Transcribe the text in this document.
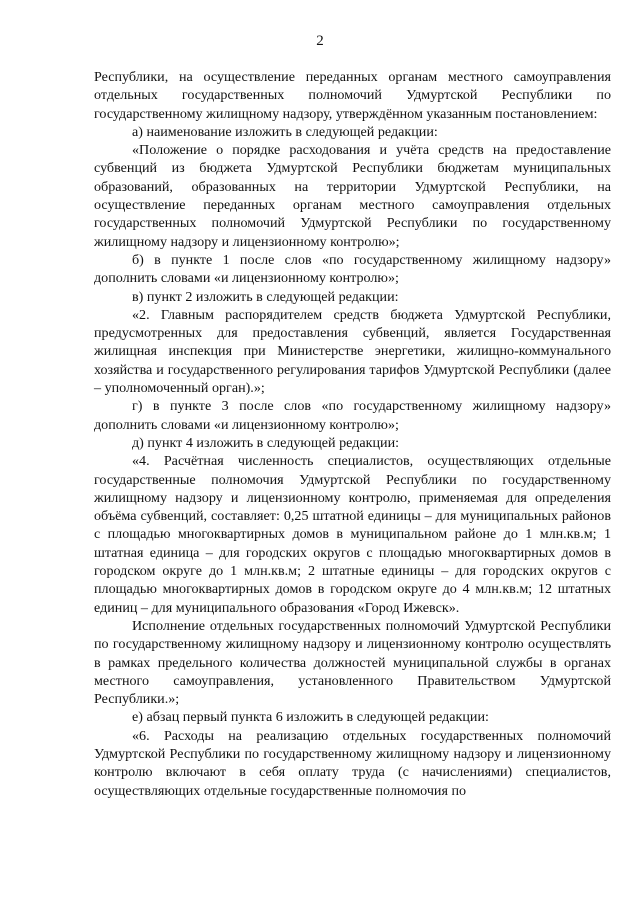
2

Республики, на осуществление переданных органам местного самоуправления отдельных государственных полномочий Удмуртской Республики по государственному жилищному надзору, утверждённом указанным постановлением:

а) наименование изложить в следующей редакции:

«Положение о порядке расходования и учёта средств на предоставление субвенций из бюджета Удмуртской Республики бюджетам муниципальных образований, образованных на территории Удмуртской Республики, на осуществление переданных органам местного самоуправления отдельных государственных полномочий Удмуртской Республики по государственному жилищному надзору и лицензионному контролю»;

б) в пункте 1 после слов «по государственному жилищному надзору» дополнить словами «и лицензионному контролю»;

в) пункт 2 изложить в следующей редакции:

«2. Главным распорядителем средств бюджета Удмуртской Республики, предусмотренных для предоставления субвенций, является Государственная жилищная инспекция при Министерстве энергетики, жилищно-коммунального хозяйства и государственного регулирования тарифов Удмуртской Республики (далее – уполномоченный орган).»;

г) в пункте 3 после слов «по государственному жилищному надзору» дополнить словами «и лицензионному контролю»;

д) пункт 4 изложить в следующей редакции:

«4. Расчётная численность специалистов, осуществляющих отдельные государственные полномочия Удмуртской Республики по государственному жилищному надзору и лицензионному контролю, применяемая для определения объёма субвенций, составляет: 0,25 штатной единицы – для муниципальных районов с площадью многоквартирных домов в муниципальном районе до 1 млн.кв.м; 1 штатная единица – для городских округов с площадью многоквартирных домов в городском округе до 1 млн.кв.м; 2 штатные единицы – для городских округов с площадью многоквартирных домов в городском округе до 4 млн.кв.м; 12 штатных единиц – для муниципального образования «Город Ижевск».

Исполнение отдельных государственных полномочий Удмуртской Республики по государственному жилищному надзору и лицензионному контролю осуществлять в рамках предельного количества должностей муниципальной службы в органах местного самоуправления, установленного Правительством Удмуртской Республики.»;

е) абзац первый пункта 6 изложить в следующей редакции:

«6. Расходы на реализацию отдельных государственных полномочий Удмуртской Республики по государственному жилищному надзору и лицензионному контролю включают в себя оплату труда (с начислениями) специалистов, осуществляющих отдельные государственные полномочия по
